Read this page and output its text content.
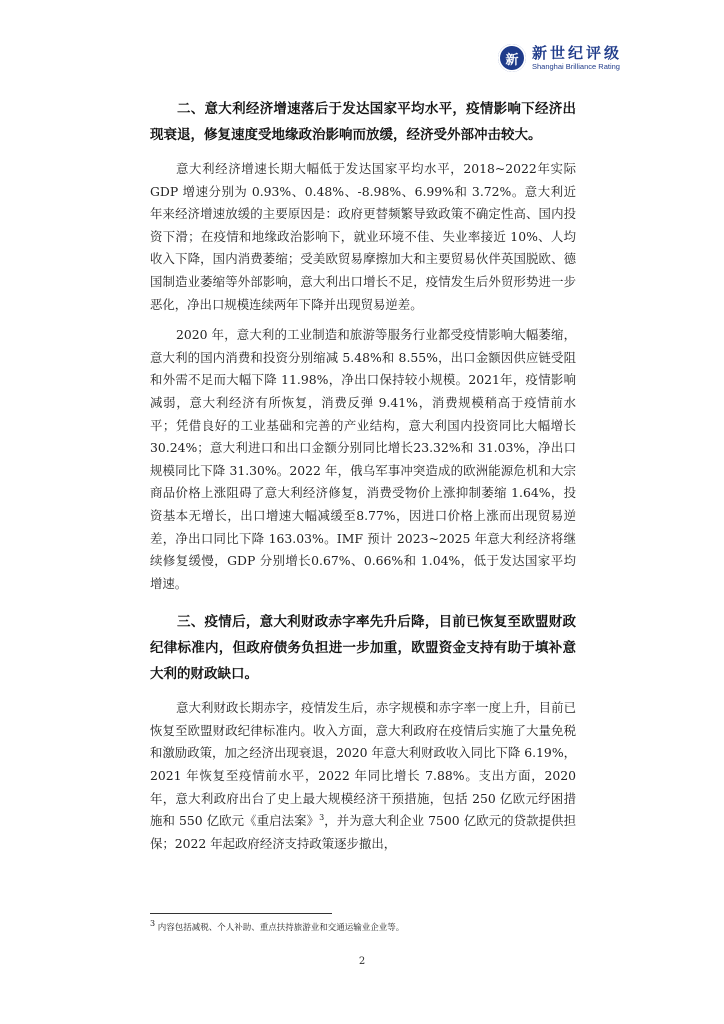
新 新世纪评级
Shanghai Brilliance Rating

二、意大利经济增速落后于发达国家平均水平，疫情影响下经济出现衰退，修复速度受地缘政治影响而放缓，经济受外部冲击较大。

意大利经济增速长期大幅低于发达国家平均水平，2018~2022年实际 GDP 增速分别为 0.93%、0.48%、-8.98%、6.99%和 3.72%。意大利近年来经济增速放缓的主要原因是：政府更替频繁导致政策不确定性高、国内投资下滑；在疫情和地缘政治影响下，就业环境不佳、失业率接近 10%、人均收入下降，国内消费萎缩；受美欧贸易摩擦加大和主要贸易伙伴英国脱欧、德国制造业萎缩等外部影响，意大利出口增长不足，疫情发生后外贸形势进一步恶化，净出口规模连续两年下降并出现贸易逆差。

2020 年，意大利的工业制造和旅游等服务行业都受疫情影响大幅萎缩，意大利的国内消费和投资分别缩减 5.48%和 8.55%，出口金额因供应链受阻和外需不足而大幅下降 11.98%，净出口保持较小规模。2021年，疫情影响减弱，意大利经济有所恢复，消费反弹 9.41%，消费规模稍高于疫情前水平；凭借良好的工业基础和完善的产业结构，意大利国内投资同比大幅增长 30.24%；意大利进口和出口金额分别同比增长23.32%和 31.03%，净出口规模同比下降 31.30%。2022 年，俄乌军事冲突造成的欧洲能源危机和大宗商品价格上涨阻碍了意大利经济修复，消费受物价上涨抑制萎缩 1.64%，投资基本无增长，出口增速大幅减缓至8.77%，因进口价格上涨而出现贸易逆差，净出口同比下降 163.03%。IMF 预计 2023~2025 年意大利经济将继续修复缓慢，GDP 分别增长0.67%、0.66%和 1.04%，低于发达国家平均增速。

三、疫情后，意大利财政赤字率先升后降，目前已恢复至欧盟财政纪律标准内，但政府债务负担进一步加重，欧盟资金支持有助于填补意大利的财政缺口。

意大利财政长期赤字，疫情发生后，赤字规模和赤字率一度上升，目前已恢复至欧盟财政纪律标准内。收入方面，意大利政府在疫情后实施了大量免税和激励政策，加之经济出现衰退，2020 年意大利财政收入同比下降 6.19%，2021 年恢复至疫情前水平，2022 年同比增长 7.88%。支出方面，2020 年，意大利政府出台了史上最大规模经济干预措施，包括 250 亿欧元纾困措施和 550 亿欧元《重启法案》$^3$，并为意大利企业 7500 亿欧元的贷款提供担保；2022 年起政府经济支持政策逐步撤出，

$^3$ 内容包括减税、个人补助、重点扶持旅游业和交通运输业企业等。
2
